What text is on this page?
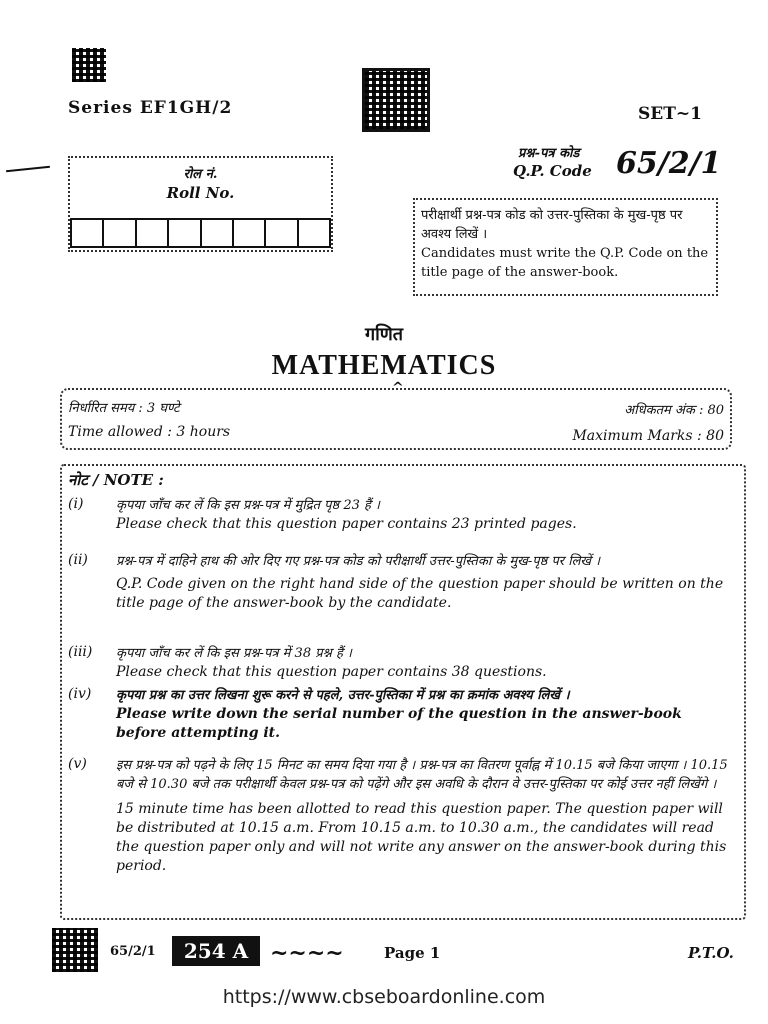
Series EF1GH/2	SET~1
रोल नं.
Roll No.
प्रश्न-पत्र कोड
Q.P. Code 65/2/1
परीक्षार्थी प्रश्न-पत्र कोड को उत्तर-पुस्तिका के मुख-पृष्ठ पर अवश्य लिखें ।
Candidates must write the Q.P. Code on the title page of the answer-book.
गणित
MATHEMATICS
^
निर्धारित समय : 3 घण्टे	अधिकतम अंक : 80
Time allowed : 3 hours	Maximum Marks : 80
नोट / NOTE :
(i)	कृपया जाँच कर लें कि इस प्रश्न-पत्र में मुद्रित पृष्ठ 23 हैं ।
Please check that this question paper contains 23 printed pages.
(ii)	प्रश्न-पत्र में दाहिने हाथ की ओर दिए गए प्रश्न-पत्र कोड को परीक्षार्थी उत्तर-पुस्तिका के मुख-पृष्ठ पर लिखें ।
Q.P. Code given on the right hand side of the question paper should be written on the title page of the answer-book by the candidate.
(iii)	कृपया जाँच कर लें कि इस प्रश्न-पत्र में 38 प्रश्न हैं ।
Please check that this question paper contains 38 questions.
(iv)	कृपया प्रश्न का उत्तर लिखना शुरू करने से पहले, उत्तर-पुस्तिका में प्रश्न का क्रमांक अवश्य लिखें ।
Please write down the serial number of the question in the answer-book before attempting it.
(v)	इस प्रश्न-पत्र को पढ़ने के लिए 15 मिनट का समय दिया गया है । प्रश्न-पत्र का वितरण पूर्वाह्न में 10.15 बजे किया जाएगा । 10.15 बजे से 10.30 बजे तक परीक्षार्थी केवल प्रश्न-पत्र को पढ़ेंगे और इस अवधि के दौरान वे उत्तर-पुस्तिका पर कोई उत्तर नहीं लिखेंगे ।
15 minute time has been allotted to read this question paper. The question paper will be distributed at 10.15 a.m. From 10.15 a.m. to 10.30 a.m., the candidates will read the question paper only and will not write any answer on the answer-book during this period.
65/2/1	254 A ~~~~	Page 1	P.T.O.
https://www.cbseboardonline.com
